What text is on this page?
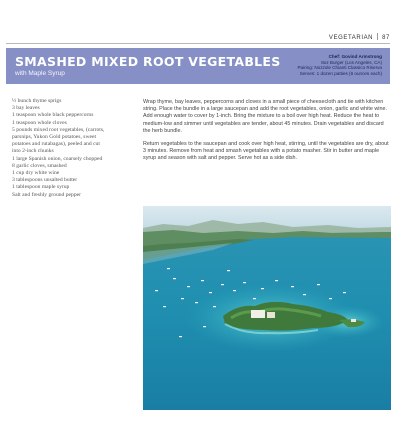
VEGETARIAN 87
SMASHED MIXED ROOT VEGETABLES
with Maple Syrup
Chef: Govind Armstrong
8oz Burger (Los Angeles, CA)
Pairing: Nozzole Chianti Classico Riserva
Serves: 1 dozen patties (6 ounces each)
½ bunch thyme sprigs
3 bay leaves
1 teaspoon whole black peppercorns
1 teaspoon whole cloves
5 pounds mixed root vegetables, (carrots,
parsnips, Yukon Gold potatoes, sweet
potatoes and rutabagas), peeled and cut
into 2-inch chunks
1 large Spanish onion, coarsely chopped
8 garlic cloves, smashed
1 cup dry white wine
3 tablespoons unsalted butter
1 tablespoon maple syrup
Salt and freshly ground pepper

Wrap thyme, bay leaves, peppercorns and cloves in a small piece of cheesecloth and tie with kitchen string. Place the bundle in a large saucepan and add the root vegetables, onion, garlic and white wine. Add enough water to cover by 1-inch. Bring the mixture to a boil over high heat. Reduce the heat to medium-low and simmer until vegetables are tender, about 45 minutes. Drain vegetables and discard the herb bundle.

Return vegetables to the saucepan and cook over high heat, stirring, until the vegetables are dry, about 3 minutes. Remove from heat and smash vegetables with a potato masher. Stir in butter and maple syrup and season with salt and pepper. Serve hot as a side dish.
